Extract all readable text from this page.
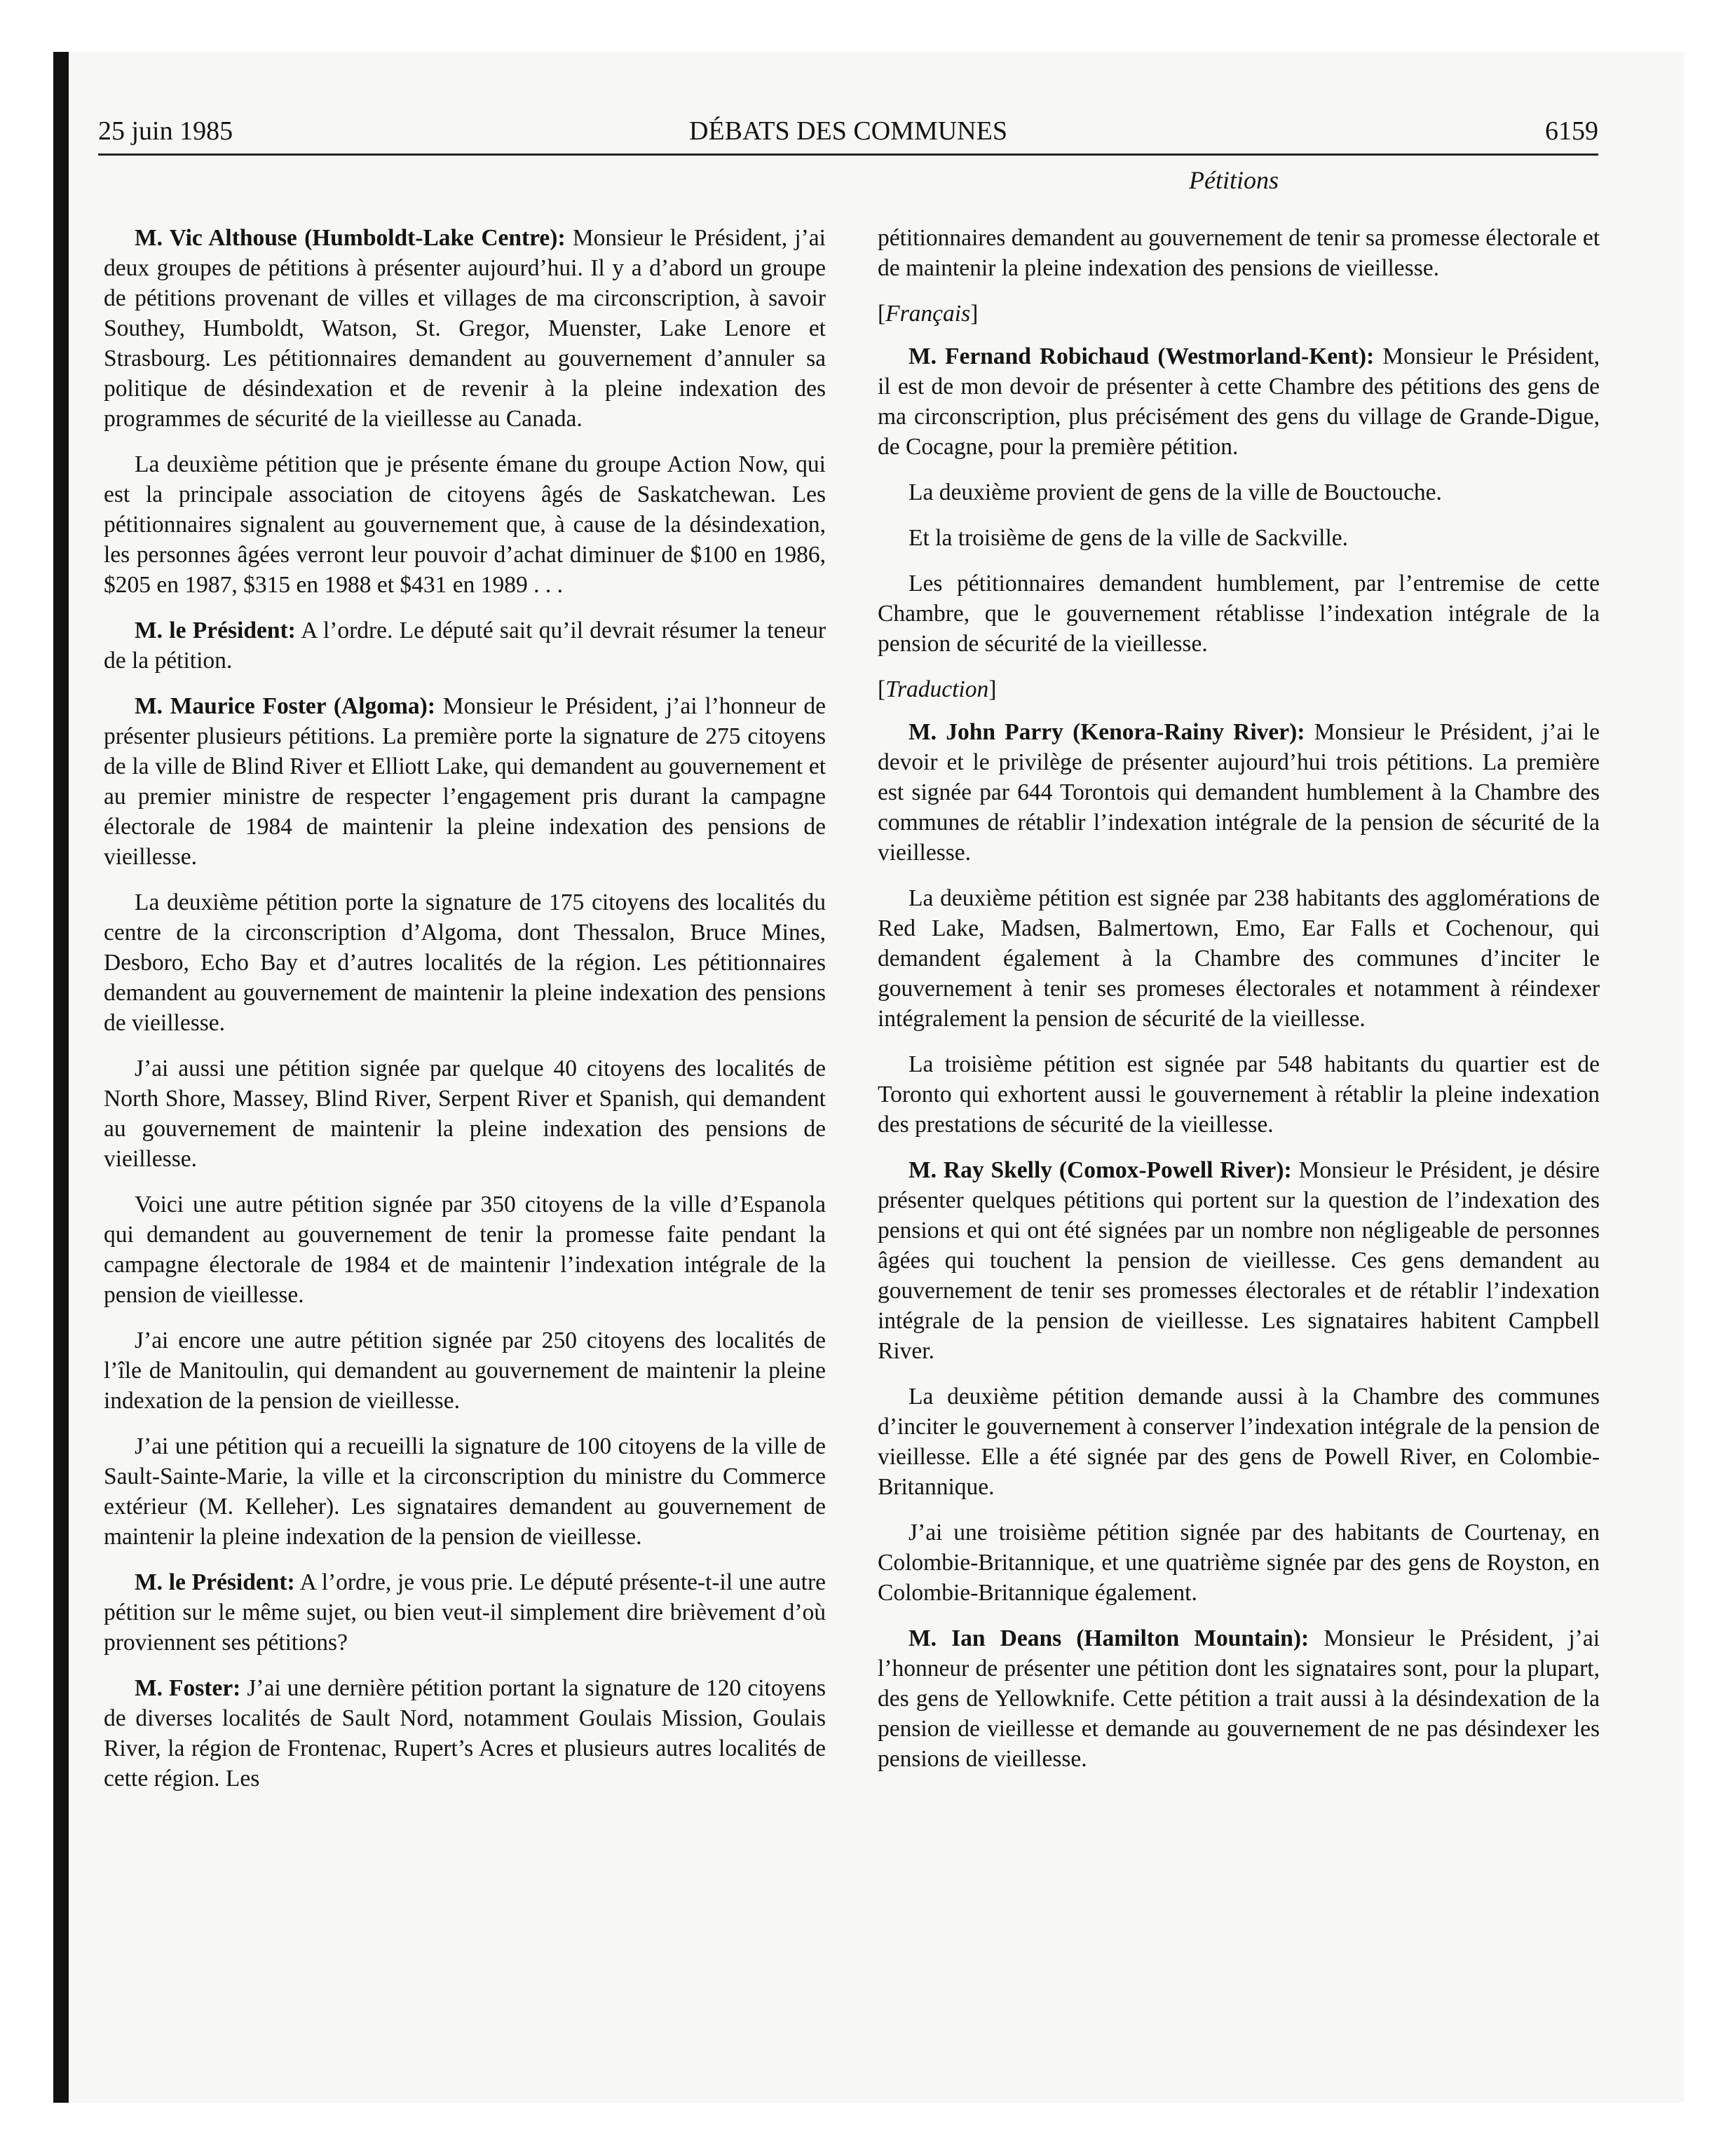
25 juin 1985	DÉBATS DES COMMUNES	6159
Pétitions

M. Vic Althouse (Humboldt-Lake Centre): Monsieur le Président, j’ai deux groupes de pétitions à présenter aujourd’hui. Il y a d’abord un groupe de pétitions provenant de villes et villages de ma circonscription, à savoir Southey, Humboldt, Watson, St. Gregor, Muenster, Lake Lenore et Strasbourg. Les pétitionnaires demandent au gouvernement d’annuler sa politique de désindexation et de revenir à la pleine indexation des programmes de sécurité de la vieillesse au Canada.

La deuxième pétition que je présente émane du groupe Action Now, qui est la principale association de citoyens âgés de Saskatchewan. Les pétitionnaires signalent au gouvernement que, à cause de la désindexation, les personnes âgées verront leur pouvoir d’achat diminuer de $100 en 1986, $205 en 1987, $315 en 1988 et $431 en 1989 . . .

M. le Président: A l’ordre. Le député sait qu’il devrait résumer la teneur de la pétition.

M. Maurice Foster (Algoma): Monsieur le Président, j’ai l’honneur de présenter plusieurs pétitions. La première porte la signature de 275 citoyens de la ville de Blind River et Elliott Lake, qui demandent au gouvernement et au premier ministre de respecter l’engagement pris durant la campagne électorale de 1984 de maintenir la pleine indexation des pensions de vieillesse.

La deuxième pétition porte la signature de 175 citoyens des localités du centre de la circonscription d’Algoma, dont Thessalon, Bruce Mines, Desboro, Echo Bay et d’autres localités de la région. Les pétitionnaires demandent au gouvernement de maintenir la pleine indexation des pensions de vieillesse.

J’ai aussi une pétition signée par quelque 40 citoyens des localités de North Shore, Massey, Blind River, Serpent River et Spanish, qui demandent au gouvernement de maintenir la pleine indexation des pensions de vieillesse.

Voici une autre pétition signée par 350 citoyens de la ville d’Espanola qui demandent au gouvernement de tenir la promesse faite pendant la campagne électorale de 1984 et de maintenir l’indexation intégrale de la pension de vieillesse.

J’ai encore une autre pétition signée par 250 citoyens des localités de l’île de Manitoulin, qui demandent au gouvernement de maintenir la pleine indexation de la pension de vieillesse.

J’ai une pétition qui a recueilli la signature de 100 citoyens de la ville de Sault-Sainte-Marie, la ville et la circonscription du ministre du Commerce extérieur (M. Kelleher). Les signataires demandent au gouvernement de maintenir la pleine indexation de la pension de vieillesse.

M. le Président: A l’ordre, je vous prie. Le député présente-t-il une autre pétition sur le même sujet, ou bien veut-il simplement dire brièvement d’où proviennent ses pétitions?

M. Foster: J’ai une dernière pétition portant la signature de 120 citoyens de diverses localités de Sault Nord, notamment Goulais Mission, Goulais River, la région de Frontenac, Rupert’s Acres et plusieurs autres localités de cette région. Les

pétitionnaires demandent au gouvernement de tenir sa promesse électorale et de maintenir la pleine indexation des pensions de vieillesse.

[Français]

M. Fernand Robichaud (Westmorland-Kent): Monsieur le Président, il est de mon devoir de présenter à cette Chambre des pétitions des gens de ma circonscription, plus précisément des gens du village de Grande-Digue, de Cocagne, pour la première pétition.

La deuxième provient de gens de la ville de Bouctouche.

Et la troisième de gens de la ville de Sackville.

Les pétitionnaires demandent humblement, par l’entremise de cette Chambre, que le gouvernement rétablisse l’indexation intégrale de la pension de sécurité de la vieillesse.

[Traduction]

M. John Parry (Kenora-Rainy River): Monsieur le Président, j’ai le devoir et le privilège de présenter aujourd’hui trois pétitions. La première est signée par 644 Torontois qui demandent humblement à la Chambre des communes de rétablir l’indexation intégrale de la pension de sécurité de la vieillesse.

La deuxième pétition est signée par 238 habitants des agglomérations de Red Lake, Madsen, Balmertown, Emo, Ear Falls et Cochenour, qui demandent également à la Chambre des communes d’inciter le gouvernement à tenir ses promeses électorales et notamment à réindexer intégralement la pension de sécurité de la vieillesse.

La troisième pétition est signée par 548 habitants du quartier est de Toronto qui exhortent aussi le gouvernement à rétablir la pleine indexation des prestations de sécurité de la vieillesse.

M. Ray Skelly (Comox-Powell River): Monsieur le Président, je désire présenter quelques pétitions qui portent sur la question de l’indexation des pensions et qui ont été signées par un nombre non négligeable de personnes âgées qui touchent la pension de vieillesse. Ces gens demandent au gouvernement de tenir ses promesses électorales et de rétablir l’indexation intégrale de la pension de vieillesse. Les signataires habitent Campbell River.

La deuxième pétition demande aussi à la Chambre des communes d’inciter le gouvernement à conserver l’indexation intégrale de la pension de vieillesse. Elle a été signée par des gens de Powell River, en Colombie-Britannique.

J’ai une troisième pétition signée par des habitants de Courtenay, en Colombie-Britannique, et une quatrième signée par des gens de Royston, en Colombie-Britannique également.

M. Ian Deans (Hamilton Mountain): Monsieur le Président, j’ai l’honneur de présenter une pétition dont les signataires sont, pour la plupart, des gens de Yellowknife. Cette pétition a trait aussi à la désindexation de la pension de vieillesse et demande au gouvernement de ne pas désindexer les pensions de vieillesse.
